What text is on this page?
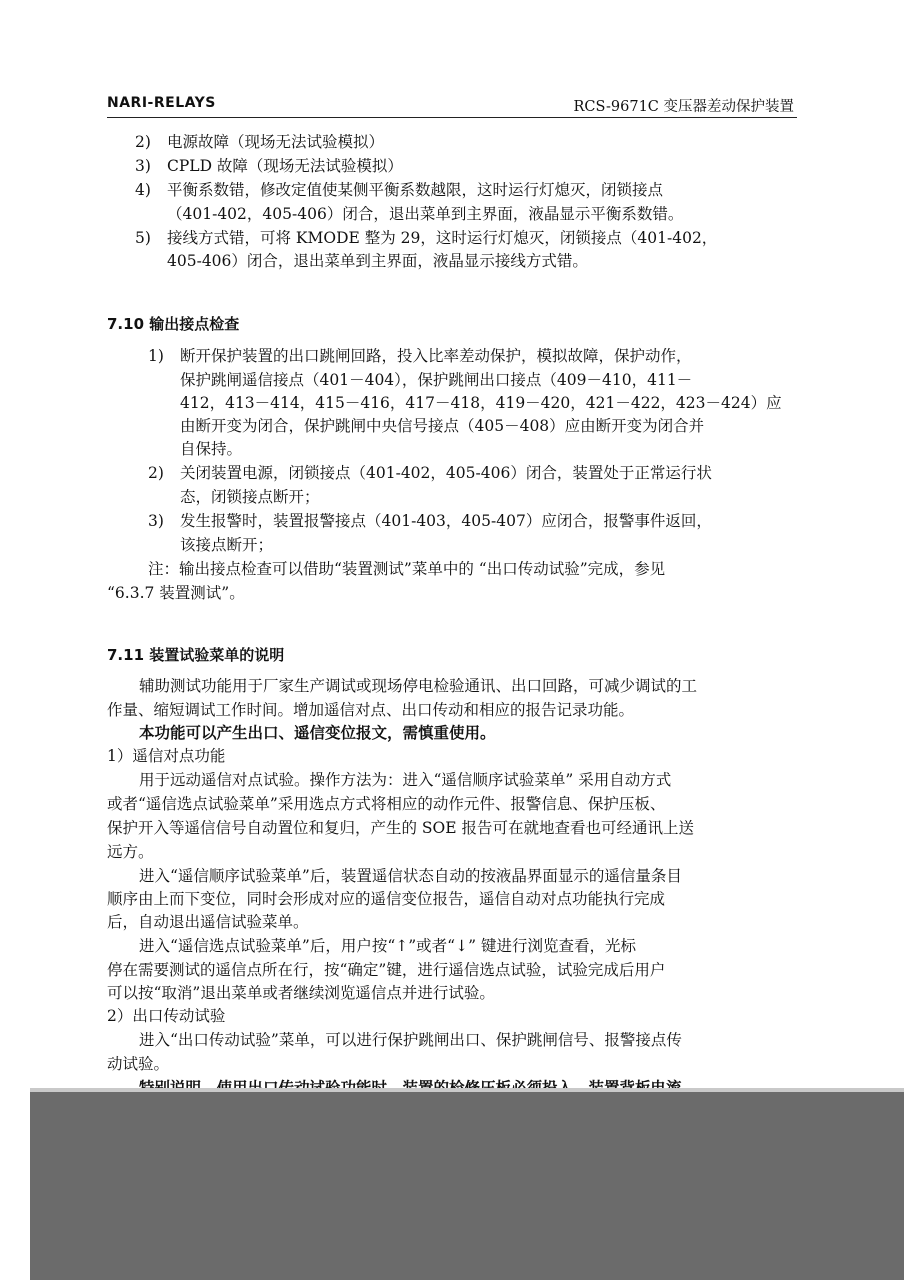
NARI-RELAYS	RCS-9671C 变压器差动保护装置
2) 电源故障（现场无法试验模拟）
3) CPLD 故障（现场无法试验模拟）
4) 平衡系数错，修改定值使某侧平衡系数越限，这时运行灯熄灭，闭锁接点
（401-402，405-406）闭合，退出菜单到主界面，液晶显示平衡系数错。
5) 接线方式错，可将 KMODE 整为 29，这时运行灯熄灭，闭锁接点（401-402，
405-406）闭合，退出菜单到主界面，液晶显示接线方式错。
7.10 输出接点检查
1) 断开保护装置的出口跳闸回路，投入比率差动保护，模拟故障，保护动作，
保护跳闸遥信接点（401－404），保护跳闸出口接点（409－410，411－
412，413－414，415－416，417－418，419－420，421－422，423－424）应
由断开变为闭合，保护跳闸中央信号接点（405－408）应由断开变为闭合并
自保持。
2) 关闭装置电源，闭锁接点（401-402，405-406）闭合，装置处于正常运行状
态，闭锁接点断开；
3) 发生报警时，装置报警接点（401-403，405-407）应闭合，报警事件返回，
该接点断开；
注：输出接点检查可以借助“装置测试”菜单中的 “出口传动试验”完成，参见
“6.3.7 装置测试”。
7.11 装置试验菜单的说明
辅助测试功能用于厂家生产调试或现场停电检验通讯、出口回路，可减少调试的工
作量、缩短调试工作时间。增加遥信对点、出口传动和相应的报告记录功能。
本功能可以产生出口、遥信变位报文，需慎重使用。
1）遥信对点功能
用于远动遥信对点试验。操作方法为：进入“遥信顺序试验菜单” 采用自动方式
或者“遥信选点试验菜单”采用选点方式将相应的动作元件、报警信息、保护压板、
保护开入等遥信信号自动置位和复归，产生的 SOE 报告可在就地查看也可经通讯上送
远方。
进入“遥信顺序试验菜单”后，装置遥信状态自动的按液晶界面显示的遥信量条目
顺序由上而下变位，同时会形成对应的遥信变位报告，遥信自动对点功能执行完成
后，自动退出遥信试验菜单。
进入“遥信选点试验菜单”后，用户按“↑”或者“↓” 键进行浏览查看，光标
停在需要测试的遥信点所在行，按“确定”键，进行遥信选点试验，试验完成后用户
可以按“取消”退出菜单或者继续浏览遥信点并进行试验。
2）出口传动试验
进入“出口传动试验”菜单，可以进行保护跳闸出口、保护跳闸信号、报警接点传
动试验。
